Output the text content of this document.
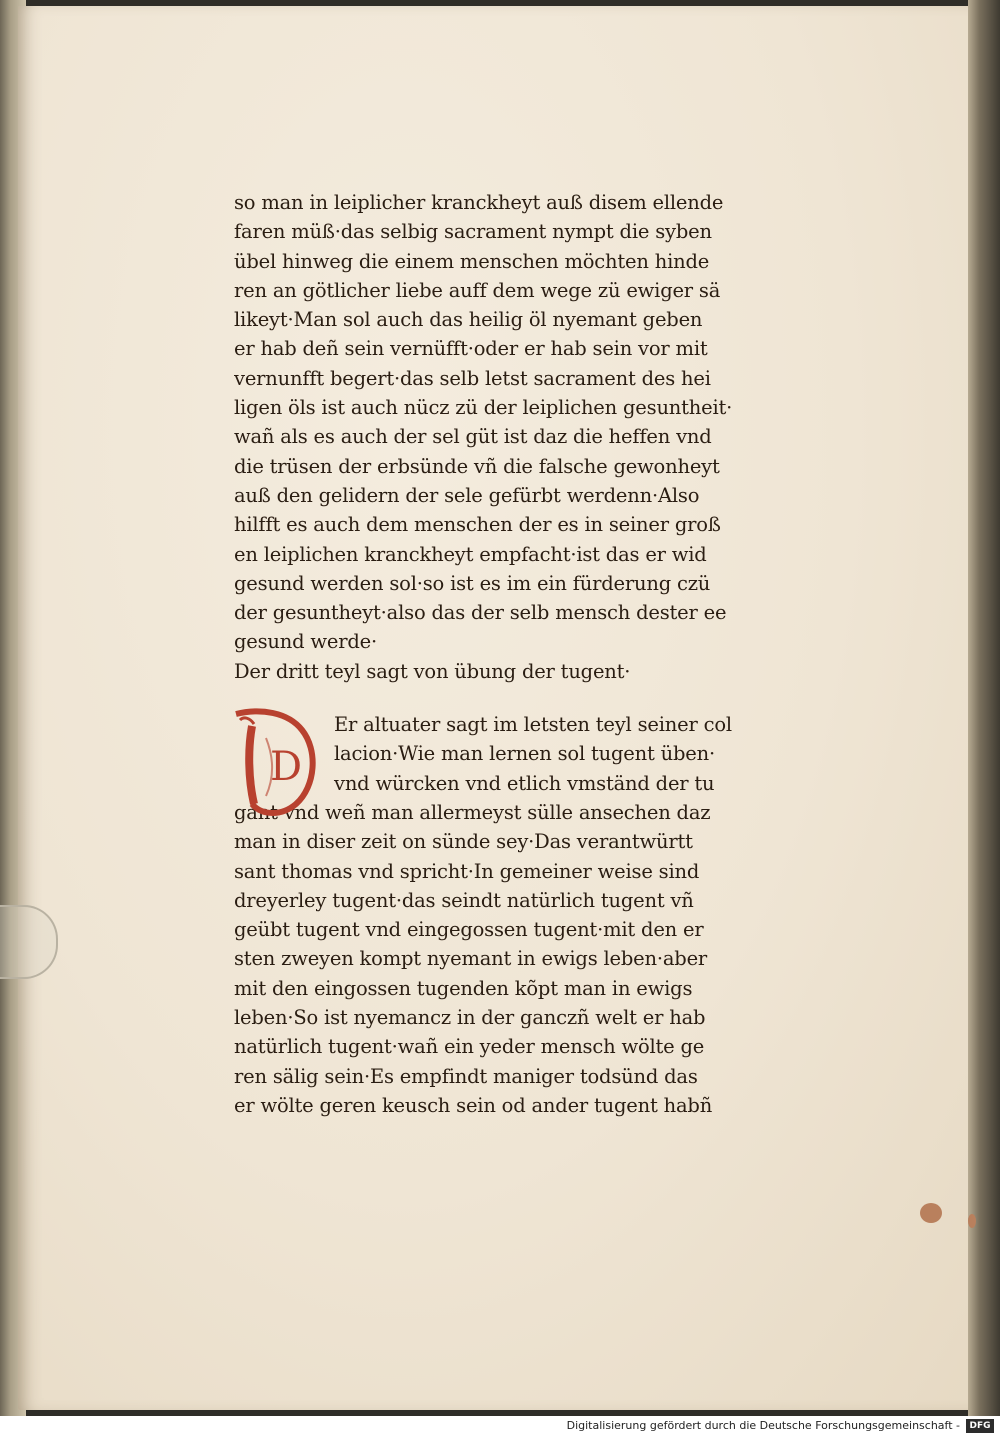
so man in leiplicher kranckheyt auß disem ellende
faren müß·das selbig sacrament nympt die syben
übel hinweg die einem menschen möchten hinde
ren an götlicher liebe auff dem wege zü ewiger sä
likeyt·Man sol auch das heilig öl nyemant geben
er hab deñ sein vernüfft·oder er hab sein vor mit
vernunfft begert·das selb letst sacrament des hei
ligen öls ist auch nücz zü der leiplichen gesuntheit·
wañ als es auch der sel güt ist daz die heffen vnd
die trüsen der erbsünde vñ die falsche gewonheyt
auß den gelidern der sele gefürbt werdenn·Also
hilfft es auch dem menschen der es in seiner groß
en leiplichen kranckheyt empfacht·ist das er wid
gesund werden sol·so ist es im ein fürderung czü
der gesuntheyt·also das der selb mensch dester ee
gesund werde·
Der dritt teyl sagt von übung der tugent·
D
Er altuater sagt im letsten teyl seiner col
lacion·Wie man lernen sol tugent üben·
vnd würcken vnd etlich vmständ der tu
gant·vnd weñ man allermeyst sülle ansechen daz
man in diser zeit on sünde sey·Das verantwürtt
sant thomas vnd spricht·In gemeiner weise sind
dreyerley tugent·das seindt natürlich tugent vñ
geübt tugent vnd eingegossen tugent·mit den er
sten zweyen kompt nyemant in ewigs leben·aber
mit den eingossen tugenden kõpt man in ewigs
leben·So ist nyemancz in der ganczñ welt er hab
natürlich tugent·wañ ein yeder mensch wölte ge
ren sälig sein·Es empfindt maniger todsünd das
er wölte geren keusch sein od ander tugent habñ
Digitalisierung gefördert durch die Deutsche Forschungsgemeinschaft -	DFG
